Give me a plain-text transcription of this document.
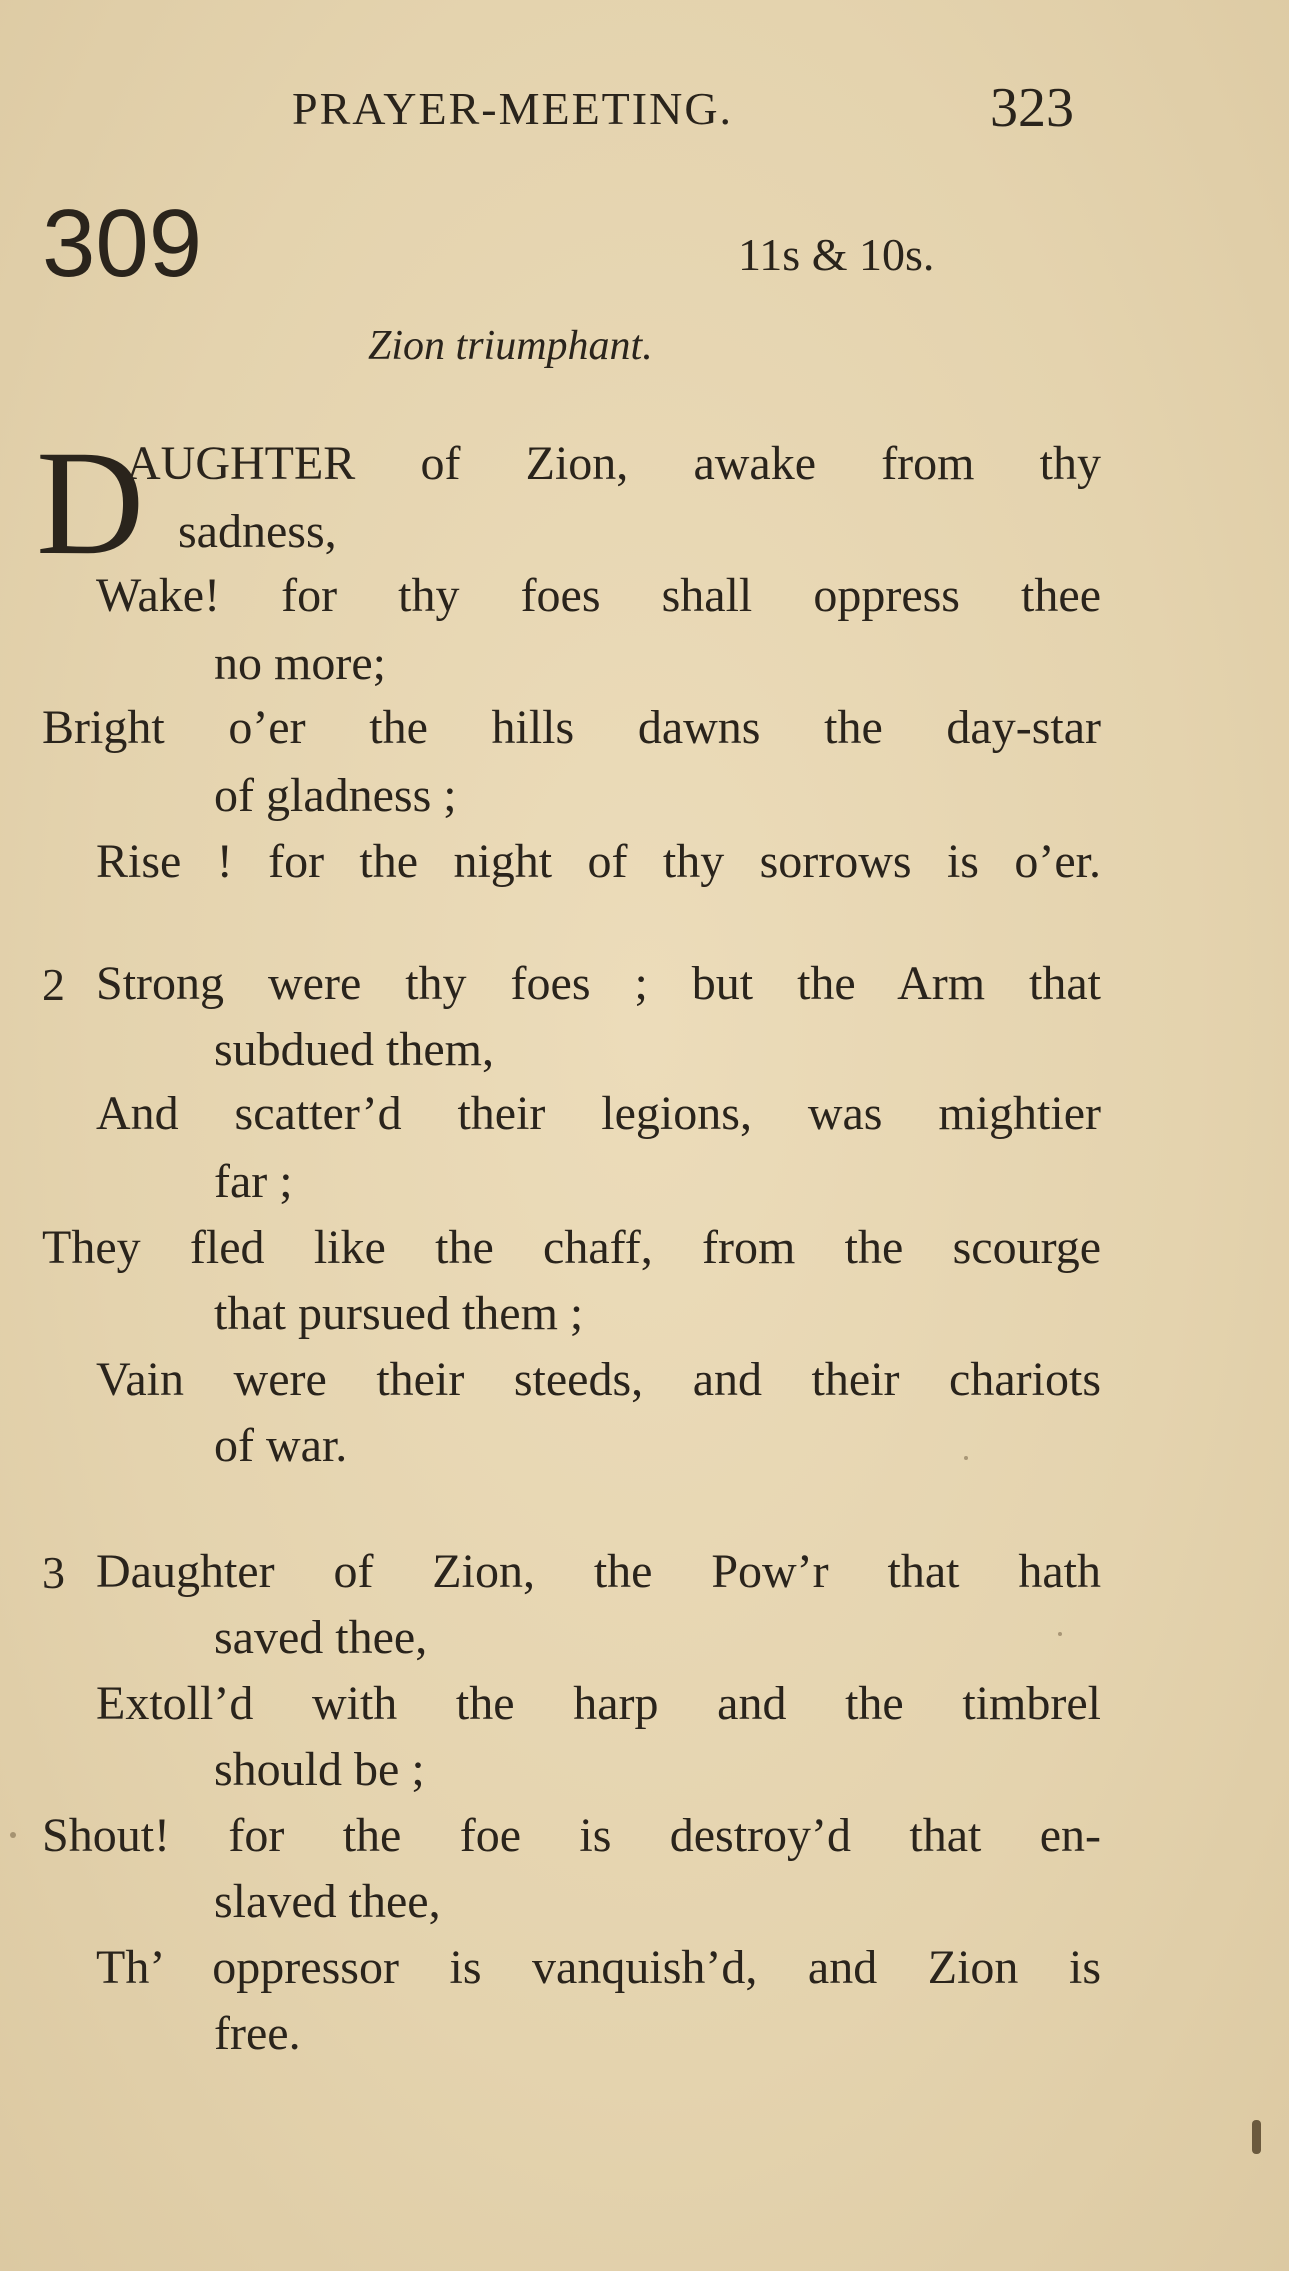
PRAYER-MEETING.	323
309	11s & 10s.
Zion triumphant.
D
AUGHTER of Zion, awake from thy
sadness,
Wake! for thy foes shall oppress thee
no more;
Bright o’er the hills dawns the day-star
of gladness ;
Rise ! for the night of thy sorrows is o’er.
2 Strong were thy foes ; but the Arm that
subdued them,
And scatter’d their legions, was mightier
far ;
They fled like the chaff, from the scourge
that pursued them ;
Vain were their steeds, and their chariots
of war.
3 Daughter of Zion, the Pow’r that hath
saved thee,
Extoll’d with the harp and the timbrel
should be ;
Shout! for the foe is destroy’d that en-
slaved thee,
Th’ oppressor is vanquish’d, and Zion is
free.
